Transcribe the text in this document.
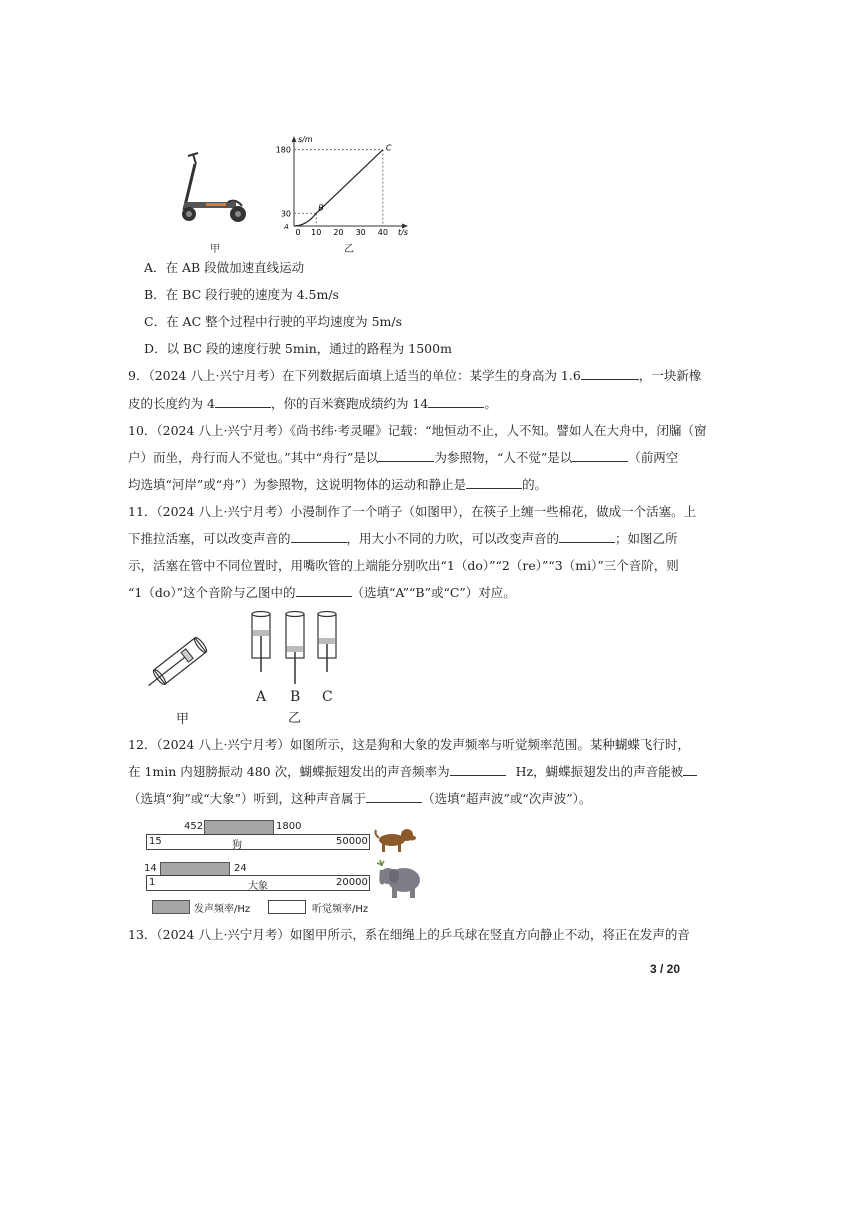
甲
180
30
0 10 20 30 40
A
B
C
s/m
t/s
乙
A．在 AB 段做加速直线运动
B．在 BC 段行驶的速度为 4.5m/s
C．在 AC 整个过程中行驶的平均速度为 5m/s
D．以 BC 段的速度行驶 5min，通过的路程为 1500m
9．（2024 八上·兴宁月考）在下列数据后面填上适当的单位：某学生的身高为 1.6	，一块新橡
皮的长度约为 4	，你的百米赛跑成绩约为 14	。
10．（2024 八上·兴宁月考）《尚书纬·考灵曜》记载：“地恒动不止，人不知。譬如人在大舟中，闭牖（窗
户）而坐，舟行而人不觉也。”其中“舟行”是以	为参照物，“人不觉”是以	（前两空
均选填“河岸”或“舟”）为参照物，这说明物体的运动和静止是	的。
11．（2024 八上·兴宁月考）小漫制作了一个哨子（如图甲），在筷子上缠一些棉花，做成一个活塞。上
下推拉活塞，可以改变声音的	，用大小不同的力吹，可以改变声音的	；如图乙所
示，活塞在管中不同位置时，用嘴吹管的上端能分别吹出“1（do）”“2（re）”“3（mi）”三个音阶，则
“1（do）”这个音阶与乙图中的	（选填“A”“B”或“C”）对应。
甲
A B C
乙
12．（2024 八上·兴宁月考）如图所示，这是狗和大象的发声频率与听觉频率范围。某种蝴蝶飞行时，
在 1min 内翅膀振动 480 次，蝴蝶振翅发出的声音频率为	Hz，蝴蝶振翅发出的声音能被
（选填“狗”或“大象”）听到，这种声音属于	（选填“超声波”或“次声波”）。
452	1800
15	狗	50000
14	24
1	大象	20000
发声频率/Hz	听觉频率/Hz
13．（2024 八上·兴宁月考）如图甲所示，系在细绳上的乒乓球在竖直方向静止不动，将正在发声的音
3 / 20
